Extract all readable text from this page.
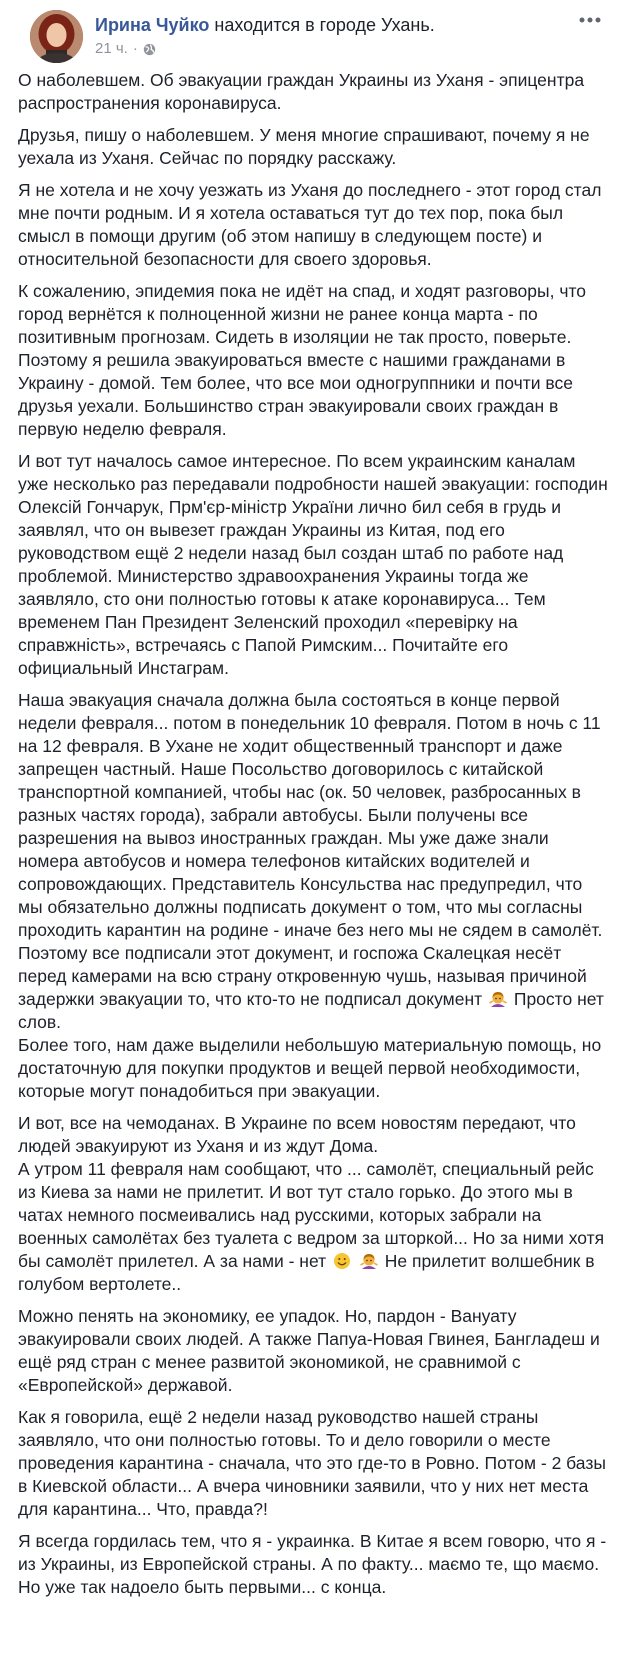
Ирина Чуйко находится в городе Ухань.
21 ч. ·

О наболевшем. Об эвакуации граждан Украины из Уханя - эпицентра распространения коронавируса.

Друзья, пишу о наболевшем. У меня многие спрашивают, почему я не уехала из Уханя. Сейчас по порядку расскажу.

Я не хотела и не хочу уезжать из Уханя до последнего - этот город стал мне почти родным. И я хотела оставаться тут до тех пор, пока был смысл в помощи другим (об этом напишу в следующем посте) и относительной безопасности для своего здоровья.

К сожалению, эпидемия пока не идёт на спад, и ходят разговоры, что город вернётся к полноценной жизни не ранее конца марта - по позитивным прогнозам. Сидеть в изоляции не так просто, поверьте. Поэтому я решила эвакуироваться вместе с нашими гражданами в Украину - домой. Тем более, что все мои одногруппники и почти все друзья уехали. Большинство стран эвакуировали своих граждан в первую неделю февраля.

И вот тут началось самое интересное. По всем украинским каналам уже несколько раз передавали подробности нашей эвакуации: господин Олексій Гончарук, Прм'єр-міністр України лично бил себя в грудь и заявлял, что он вывезет граждан Украины из Китая, под его руководством ещё 2 недели назад был создан штаб по работе над проблемой. Министерство здравоохранения Украины тогда же заявляло, сто они полностью готовы к атаке коронавируса... Тем временем Пан Президент Зеленский проходил «перевірку на справжність», встречаясь с Папой Римским... Почитайте его официальный Инстаграм.

Наша эвакуация сначала должна была состояться в конце первой недели февраля... потом в понедельник 10 февраля. Потом в ночь с 11 на 12 февраля. В Ухане не ходит общественный транспорт и даже запрещен частный. Наше Посольство договорилось с китайской транспортной компанией, чтобы нас (ок. 50 человек, разбросанных в разных частях города), забрали автобусы. Были получены все разрешения на вывоз иностранных граждан. Мы уже даже знали номера автобусов и номера телефонов китайских водителей и сопровождающих. Представитель Консульства нас предупредил, что мы обязательно должны подписать документ о том, что мы согласны проходить карантин на родине - иначе без него мы не сядем в самолёт. Поэтому все подписали этот документ, и госпожа Скалецкая несёт перед камерами на всю страну откровенную чушь, называя причиной задержки эвакуации то, что кто-то не подписал документ Просто нет слов.

Более того, нам даже выделили небольшую материальную помощь, но достаточную для покупки продуктов и вещей первой необходимости, которые могут понадобиться при эвакуации.

И вот, все на чемоданах. В Украине по всем новостям передают, что людей эвакуируют из Уханя и из ждут Дома.

А утром 11 февраля нам сообщают, что ... самолёт, специальный рейс из Киева за нами не прилетит. И вот тут стало горько. До этого мы в чатах немного посмеивались над русскими, которых забрали на военных самолётах без туалета с ведром за шторкой... Но за ними хотя бы самолёт прилетел. А за нами - нет	Не прилетит волшебник в голубом вертолете..

Можно пенять на экономику, ее упадок. Но, пардон - Вануату эвакуировали своих людей. А также Папуа-Новая Гвинея, Бангладеш и ещё ряд стран с менее развитой экономикой, не сравнимой с «Европейской» державой.

Как я говорила, ещё 2 недели назад руководство нашей страны заявляло, что они полностью готовы. То и дело говорили о месте проведения карантина - сначала, что это где-то в Ровно. Потом - 2 базы в Киевской области... А вчера чиновники заявили, что у них нет места для карантина... Что, правда?!

Я всегда гордилась тем, что я - украинка. В Китае я всем говорю, что я - из Украины, из Европейской страны. А по факту... маємо те, що маємо. Но уже так надоело быть первыми... с конца.
